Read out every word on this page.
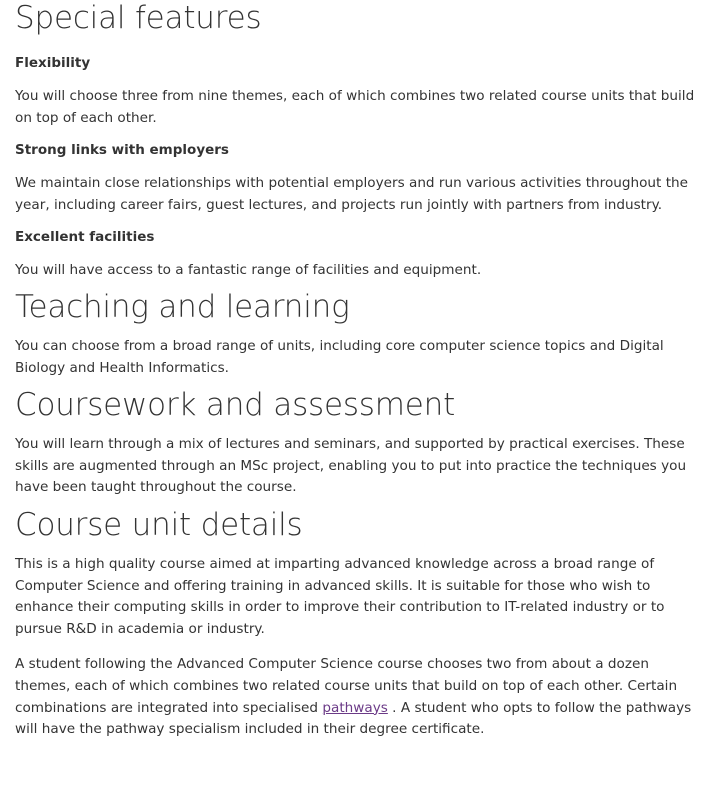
Special features
Flexibility

You will choose three from nine themes, each of which combines two related course units that build on top of each other.

Strong links with employers

We maintain close relationships with potential employers and run various activities throughout the year, including career fairs, guest lectures, and projects run jointly with partners from industry.

Excellent facilities

You will have access to a fantastic range of facilities and equipment.

Teaching and learning

You can choose from a broad range of units, including core computer science topics and Digital Biology and Health Informatics.

Coursework and assessment

You will learn through a mix of lectures and seminars, and supported by practical exercises. These skills are augmented through an MSc project, enabling you to put into practice the techniques you have been taught throughout the course.

Course unit details

This is a high quality course aimed at imparting advanced knowledge across a broad range of Computer Science and offering training in advanced skills. It is suitable for those who wish to enhance their computing skills in order to improve their contribution to IT-related industry or to pursue R&D in academia or industry.

A student following the Advanced Computer Science course chooses two from about a dozen themes, each of which combines two related course units that build on top of each other. Certain combinations are integrated into specialised pathways . A student who opts to follow the pathways will have the pathway specialism included in their degree certificate.
